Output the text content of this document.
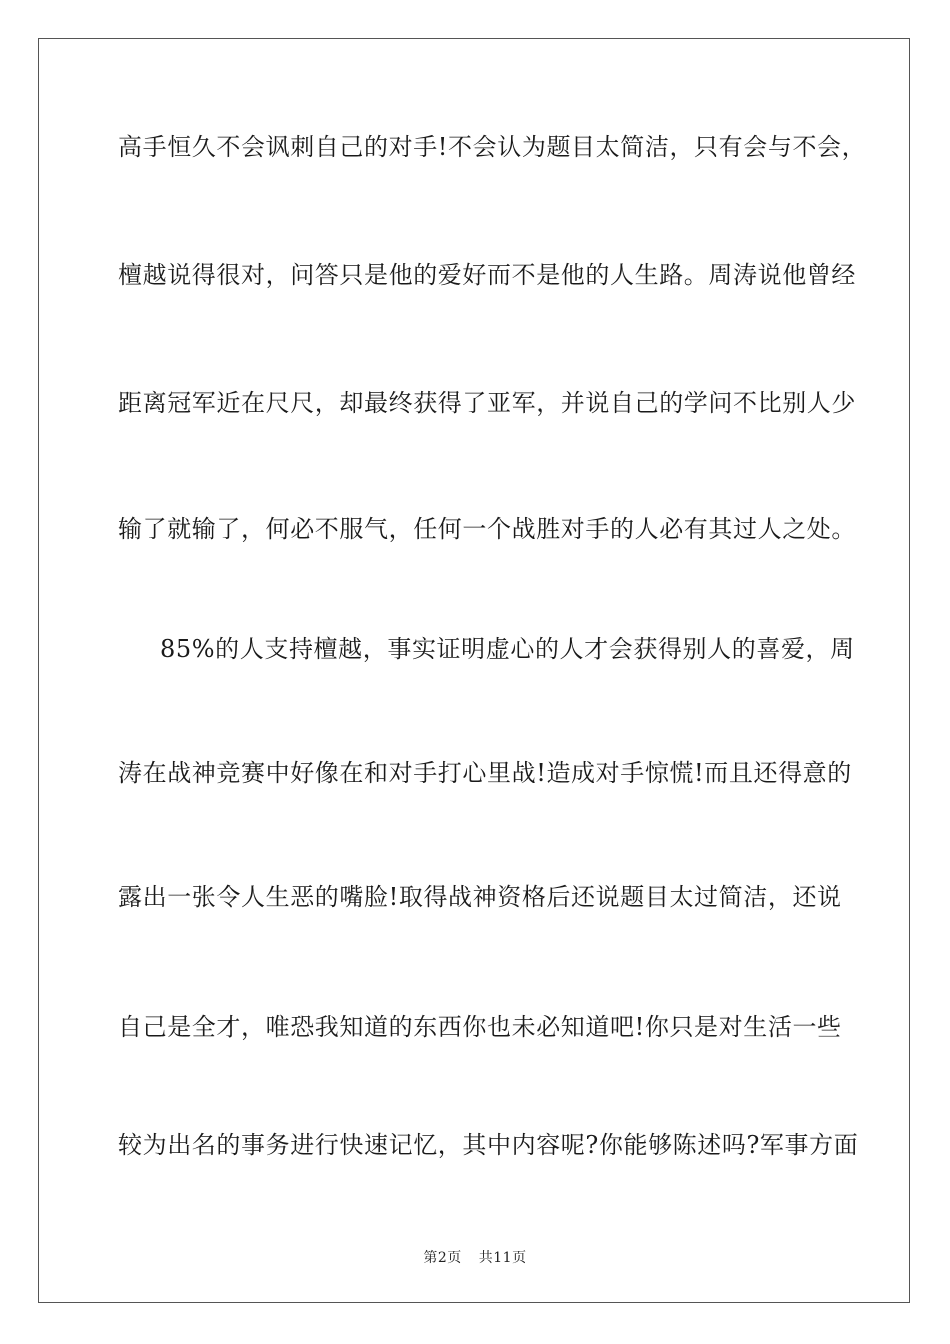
高手恒久不会讽刺自己的对手!不会认为题目太简洁，只有会与不会，
檀越说得很对，问答只是他的爱好而不是他的人生路。周涛说他曾经
距离冠军近在尺尺，却最终获得了亚军，并说自己的学问不比别人少
输了就输了，何必不服气，任何一个战胜对手的人必有其过人之处。
85%的人支持檀越，事实证明虚心的人才会获得别人的喜爱，周
涛在战神竞赛中好像在和对手打心里战!造成对手惊慌!而且还得意的
露出一张令人生恶的嘴脸!取得战神资格后还说题目太过简洁，还说
自己是全才，唯恐我知道的东西你也未必知道吧!你只是对生活一些
较为出名的事务进行快速记忆，其中内容呢?你能够陈述吗?军事方面
第2页 共11页
